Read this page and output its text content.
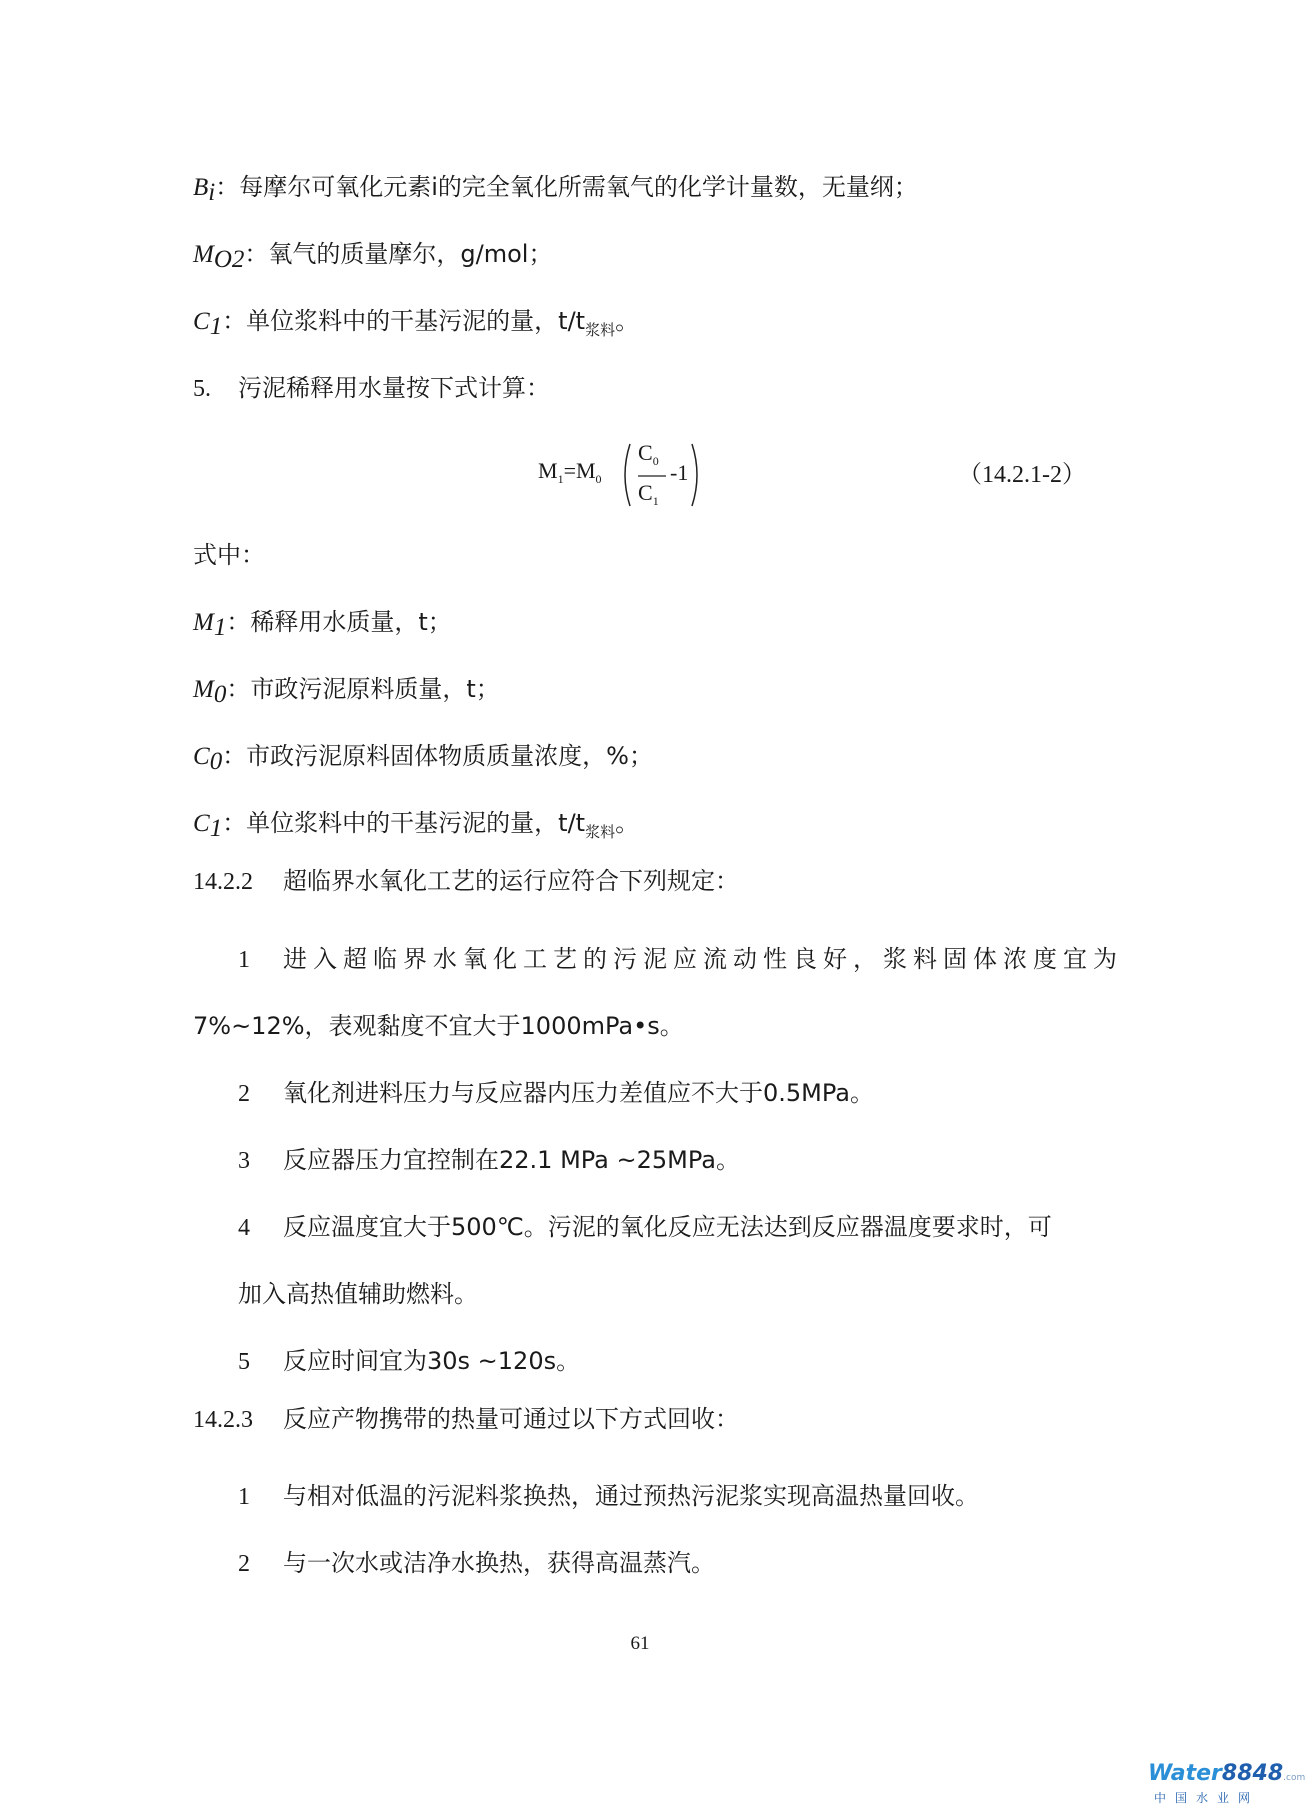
$B_i$：每摩尔可氧化元素i的完全氧化所需氧气的化学计量数，无量纲；
$M_{O2}$：氧气的质量摩尔，g/mol；
$C_1$：单位浆料中的干基污泥的量，$t/t_{浆料}$。
5. 污泥稀释用水量按下式计算：
$M_1=M_0$
$C_0$
$C_1$
-1	（14.2.1-2）
式中：
$M_1$：稀释用水质量，t；
$M_0$：市政污泥原料质量，t；
$C_0$：市政污泥原料固体物质质量浓度，%；
$C_1$：单位浆料中的干基污泥的量，$t/t_{浆料}$。
14.2.2 超临界水氧化工艺的运行应符合下列规定：
1 进入超临界水氧化工艺的污泥应流动性良好，浆料固体浓度宜为
7%~12%，表观黏度不宜大于1000mPa•s。
2 氧化剂进料压力与反应器内压力差值应不大于0.5MPa。
3 反应器压力宜控制在22.1 MPa ~25MPa。
4 反应温度宜大于500℃。污泥的氧化反应无法达到反应器温度要求时，可
加入高热值辅助燃料。
5 反应时间宜为30s ~120s。
14.2.3 反应产物携带的热量可通过以下方式回收：
1 与相对低温的污泥料浆换热，通过预热污泥浆实现高温热量回收。
2 与一次水或洁净水换热，获得高温蒸汽。
61
Water8848.com
中国水业网
